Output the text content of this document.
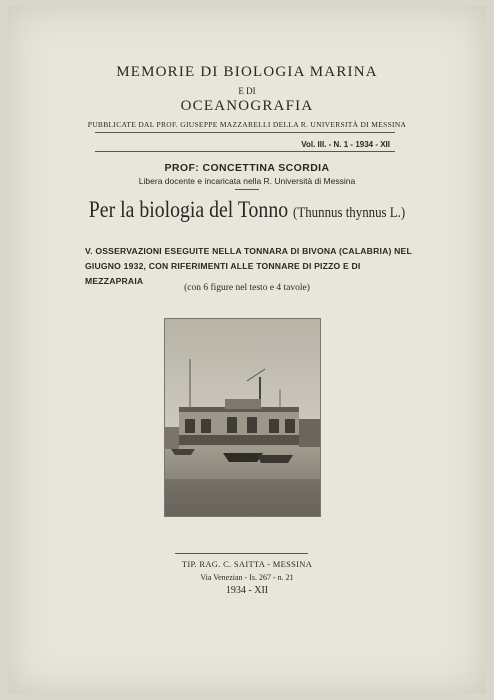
MEMORIE DI BIOLOGIA MARINA
E DI
OCEANOGRAFIA
PUBBLICATE DAL PROF. GIUSEPPE MAZZARELLI DELLA R. UNIVERSITÀ DI MESSINA
Vol. III. - N. 1 - 1934 - XII
PROF: CONCETTINA SCORDIA
Libera docente e incaricata nella R. Università di Messina
Per la biologia del Tonno (Thunnus thynnus L.)
V. OSSERVAZIONI ESEGUITE NELLA TONNARA DI BIVONA (CALABRIA) NEL GIUGNO 1932, CON RIFERIMENTI ALLE TONNARE DI PIZZO E DI MEZZAPRAIA
(con 6 figure nel testo e 4 tavole)
TIP. RAG. C. SAITTA - MESSINA
Via Venezian - Is. 267 - n. 21
1934 - XII
